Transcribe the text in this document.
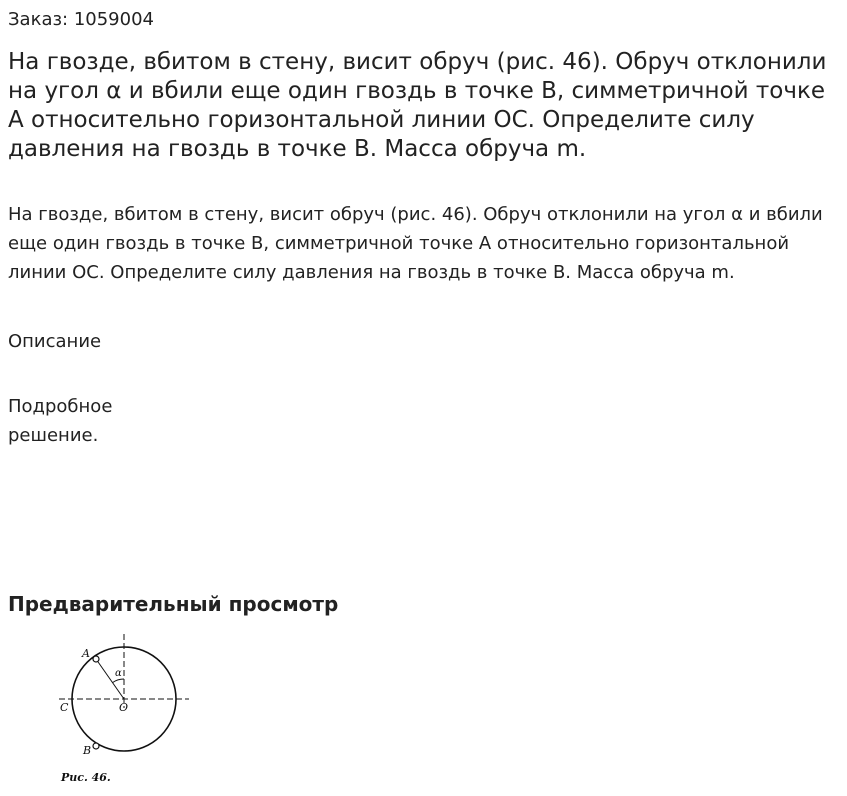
Заказ: 1059004
На гвозде, вбитом в стену, висит обруч (рис. 46). Обруч отклонили на угол α и вбили еще один гвоздь в точке B, симметричной точке A относительно горизонтальной линии OC. Определите силу давления на гвоздь в точке B. Масса обруча m.

На гвозде, вбитом в стену, висит обруч (рис. 46). Обруч отклонили на угол α и вбили еще один гвоздь в точке B, симметричной точке A относительно горизонтальной линии OC. Определите силу давления на гвоздь в точке B. Масса обруча m.

Описание
Подробное решение.
Предварительный просмотр
A
B
C	O
α
Рис. 46.
